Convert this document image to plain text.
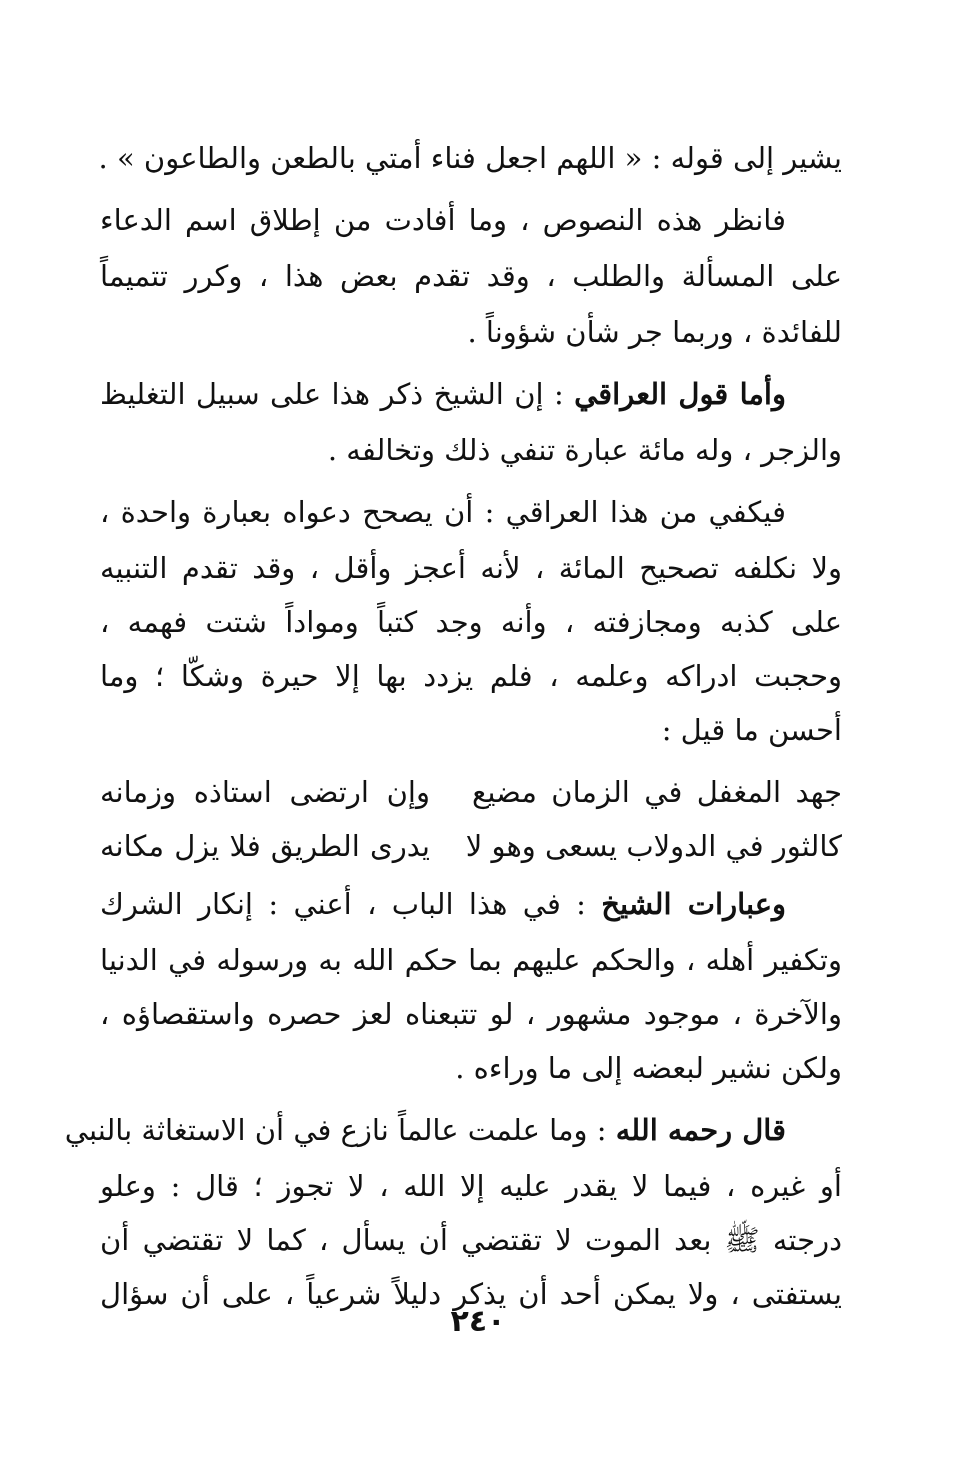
يشير إلى قوله : « اللهم اجعل فناء أمتي بالطعن والطاعون » .
فانظر هذه النصوص ، وما أفادت من إطلاق اسم الدعاء
على المسألة والطلب ، وقد تقدم بعض هذا ، وكرر تتميماً
للفائدة ، وربما جر شأن شؤوناً .
وأما قول العراقي : إن الشيخ ذكر هذا على سبيل التغليظ
والزجر ، وله مائة عبارة تنفي ذلك وتخالفه .
فيكفي من هذا العراقي : أن يصحح دعواه بعبارة واحدة ،
ولا نكلفه تصحيح المائة ، لأنه أعجز وأقل ، وقد تقدم التنبيه
على كذبه ومجازفته ، وأنه وجد كتباً ومواداً شتت فهمه ،
وحجبت ادراكه وعلمه ، فلم يزدد بها إلا حيرة وشكّا ؛ وما
أحسن ما قيل :
جهد المغفل في الزمان مضيع
وإن ارتضى استاذه وزمانه
كالثور في الدولاب يسعى وهو لا
يدرى الطريق فلا يزل مكانه
وعبارات الشيخ : في هذا الباب ، أعني : إنكار الشرك
وتكفير أهله ، والحكم عليهم بما حكم الله به ورسوله في الدنيا
والآخرة ، موجود مشهور ، لو تتبعناه لعز حصره واستقصاؤه ،
ولكن نشير لبعضه إلى ما وراءه .
قال رحمه الله : وما علمت عالماً نازع في أن الاستغاثة بالنبي
أو غيره ، فيما لا يقدر عليه إلا الله ، لا تجوز ؛ قال : وعلو
درجته ﷺ بعد الموت لا تقتضي أن يسأل ، كما لا تقتضي أن
يستفتى ، ولا يمكن أحد أن يذكر دليلاً شرعياً ، على أن سؤال
٢٤٠
